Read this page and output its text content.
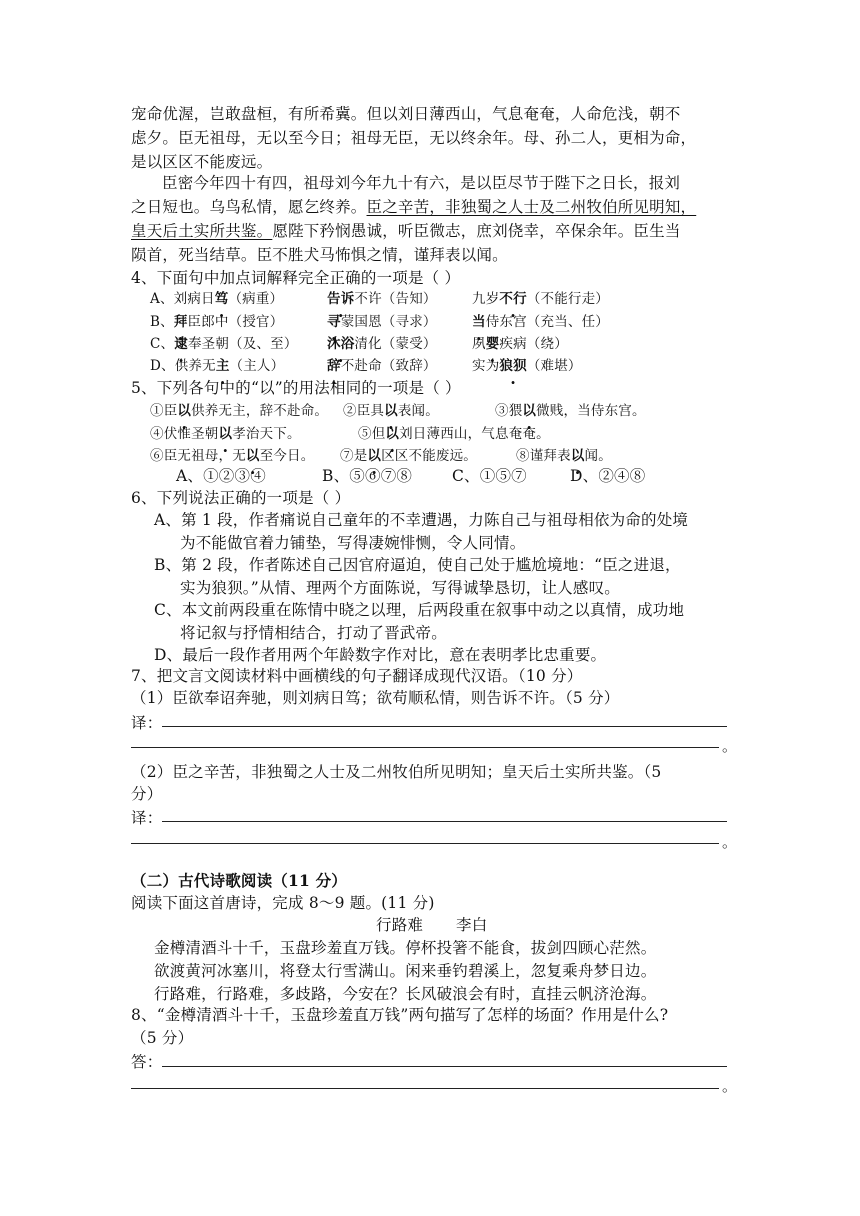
宠命优渥，岂敢盘桓，有所希冀。但以刘日薄西山，气息奄奄，人命危浅，朝不
虑夕。臣无祖母，无以至今日；祖母无臣，无以终余年。母、孙二人，更相为命，
是以区区不能废远。
臣密今年四十有四，祖母刘今年九十有六，是以臣尽节于陛下之日长，报刘
之日短也。乌鸟私情，愿乞终养。臣之辛苦，非独蜀之人士及二州牧伯所见明知，
皇天后土实所共鉴。愿陛下矜悯愚诚，听臣微志，庶刘侥幸，卒保余年。臣生当
陨首，死当结草。臣不胜犬马怖惧之情，谨拜表以闻。
4、下面句中加点词解释完全正确的一项是（ ）
A、刘病日笃（病重）	告诉不许（告知）	九岁不行（不能行走）
B、拜臣郎中（授官）	寻蒙国恩（寻求）	当侍东宫（充当、任）
C、逮奉圣朝（及、至） 沐浴清化（蒙受）	夙婴疾病（绕）
D、供养无主（主人）	辞不赴命（致辞）	实为狼狈（难堪）
5、下列各句中的“以”的用法相同的一项是（ ）
①臣以供养无主，辞不赴命。 ②臣具以表闻。	③猥以微贱，当侍东宫。
④伏惟圣朝以孝治天下。	⑤但以刘日薄西山，气息奄奄。
⑥臣无祖母，无以至今日。 ⑦是以区区不能废远。	⑧谨拜表以闻。
A、①②③④	B、⑤⑥⑦⑧	C、①⑤⑦	D、②④⑧
6、下列说法正确的一项是（ ）
A、第 1 段，作者痛说自己童年的不幸遭遇，力陈自己与祖母相依为命的处境
为不能做官着力铺垫，写得凄婉悱恻，令人同情。
B、第 2 段，作者陈述自己因官府逼迫，使自己处于尴尬境地：“臣之进退，
实为狼狈。”从情、理两个方面陈说，写得诚挚恳切，让人感叹。
C、本文前两段重在陈情中晓之以理，后两段重在叙事中动之以真情，成功地
将记叙与抒情相结合，打动了晋武帝。
D、最后一段作者用两个年龄数字作对比，意在表明孝比忠重要。
7、把文言文阅读材料中画横线的句子翻译成现代汉语。（10 分）
（1）臣欲奉诏奔驰，则刘病日笃；欲苟顺私情，则告诉不许。（5 分）
译：
。
（2）臣之辛苦，非独蜀之人士及二州牧伯所见明知；皇天后土实所共鉴。（5
分）
译：
。
（二）古代诗歌阅读（11 分）
阅读下面这首唐诗，完成 8～9 题。(11 分)
行路难 李白
金樽清酒斗十千，玉盘珍羞直万钱。停杯投箸不能食，拔剑四顾心茫然。
欲渡黄河冰塞川，将登太行雪满山。闲来垂钓碧溪上，忽复乘舟梦日边。
行路难，行路难，多歧路，今安在？长风破浪会有时，直挂云帆济沧海。
8、“金樽清酒斗十千，玉盘珍羞直万钱”两句描写了怎样的场面？作用是什么?
（5 分）
答：
。
